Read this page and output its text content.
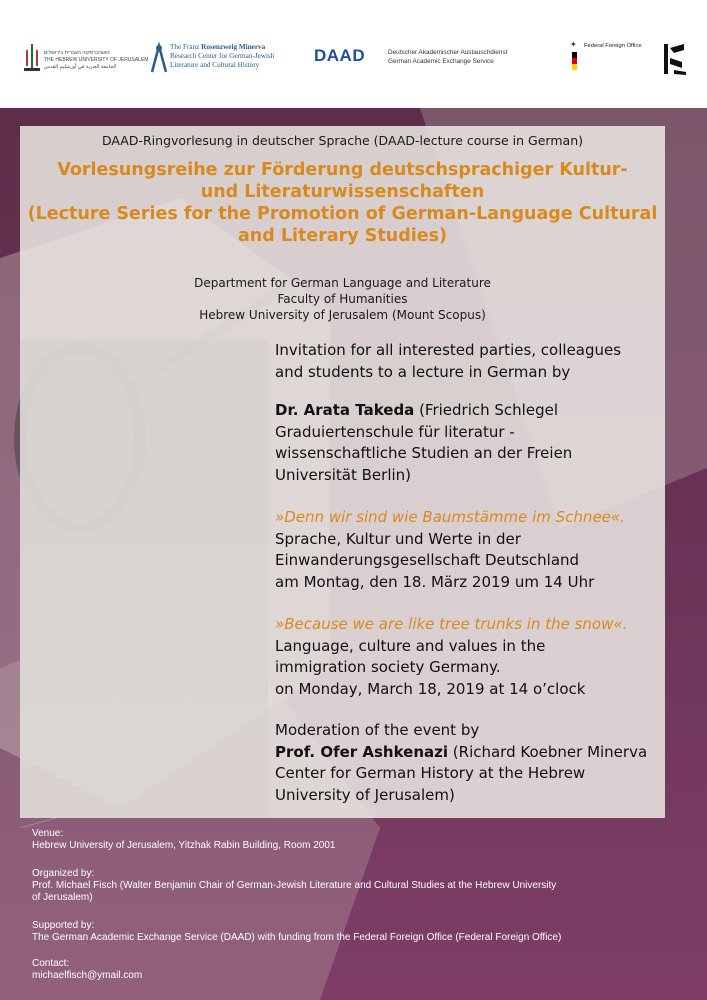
האוניברסיטה העברית בירושלים
THE HEBREW UNIVERSITY OF JERUSALEM
الجامعة العبرية في أورشليم القدس
The Franz Rosenzweig Minerva
Research Center for German-Jewish
Literature and Cultural History	DAAD	Deutscher Akademischer Austauschdienst
German Academic Exchange Service
✦ Federal Foreign Office
DAAD-Ringvorlesung in deutscher Sprache (DAAD-lecture course in German)
Vorlesungsreihe zur Förderung deutschsprachiger Kultur-
und Literaturwissenschaften
(Lecture Series for the Promotion of German-Language Cultural
and Literary Studies)
Department for German Language and Literature
Faculty of Humanities
Hebrew University of Jerusalem (Mount Scopus)

Invitation for all interested parties, colleagues

and students to a lecture in German by

Dr. Arata Takeda (Friedrich Schlegel

Graduiertenschule für literatur -

wissenschaftliche Studien an der Freien

Universität Berlin)

»Denn wir sind wie Baumstämme im Schnee«.

Sprache, Kultur und Werte in der

Einwanderungsgesellschaft Deutschland

am Montag, den 18. März 2019 um 14 Uhr

»Because we are like tree trunks in the snow«.

Language, culture and values in the

immigration society Germany.

on Monday, March 18, 2019 at 14 o’clock

Moderation of the event by

Prof. Ofer Ashkenazi (Richard Koebner Minerva

Center for German History at the Hebrew

University of Jerusalem)

Venue:
Hebrew University of Jerusalem, Yitzhak Rabin Building, Room 2001
Organized by:
Prof. Michael Fisch (Walter Benjamin Chair of German-Jewish Literature and Cultural Studies at the Hebrew University
of Jerusalem)
Supported by:
The German Academic Exchange Service (DAAD) with funding from the Federal Foreign Office (Federal Foreign Office)
Contact:
michaelfisch@ymail.com
